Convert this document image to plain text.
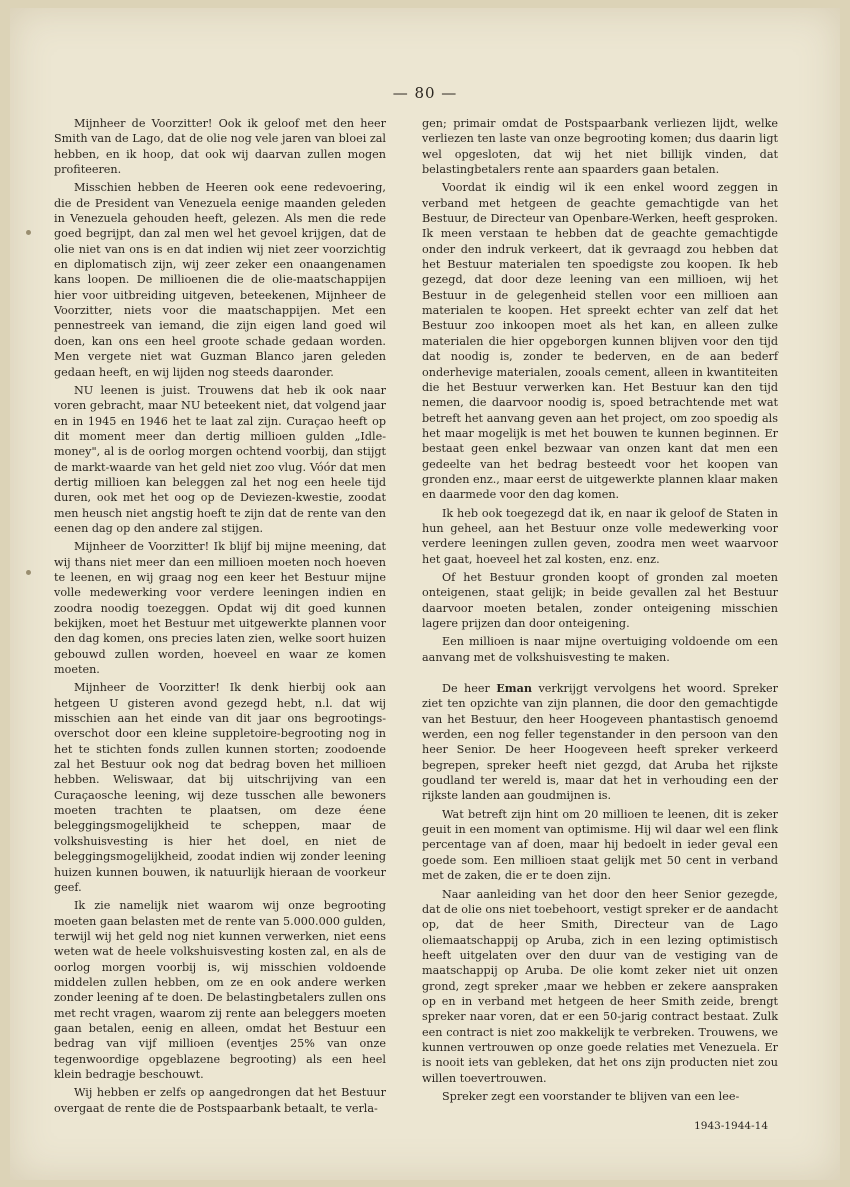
— 80 —

Mijnheer de Voorzitter! Ook ik geloof met den heer Smith van de Lago, dat de olie nog vele jaren van bloei zal hebben, en ik hoop, dat ook wij daarvan zullen mogen profiteeren.

Misschien hebben de Heeren ook eene redevoering, die de President van Venezuela eenige maanden geleden in Venezuela gehouden heeft, gelezen. Als men die rede goed begrijpt, dan zal men wel het gevoel krijgen, dat de olie niet van ons is en dat indien wij niet zeer voorzichtig en diplomatisch zijn, wij zeer zeker een onaangenamen kans loopen. De millioenen die de olie-maatschappijen hier voor uitbreiding uitgeven, beteekenen, Mijnheer de Voorzitter, niets voor die maatschappijen. Met een pennestreek van iemand, die zijn eigen land goed wil doen, kan ons een heel groote schade gedaan worden. Men vergete niet wat Guzman Blanco jaren geleden gedaan heeft, en wij lijden nog steeds daaronder.

NU leenen is juist. Trouwens dat heb ik ook naar voren gebracht, maar NU beteekent niet, dat volgend jaar en in 1945 en 1946 het te laat zal zijn. Curaçao heeft op dit moment meer dan dertig millioen gulden „Idle-money", al is de oorlog morgen ochtend voorbij, dan stijgt de markt-waarde van het geld niet zoo vlug. Vóór dat men dertig millioen kan beleggen zal het nog een heele tijd duren, ook met het oog op de Deviezen-kwestie, zoodat men heusch niet angstig hoeft te zijn dat de rente van den eenen dag op den andere zal stijgen.

Mijnheer de Voorzitter! Ik blijf bij mijne meening, dat wij thans niet meer dan een millioen moeten noch hoeven te leenen, en wij graag nog een keer het Bestuur mijne volle medewerking voor verdere leeningen indien en zoodra noodig toezeggen. Opdat wij dit goed kunnen bekijken, moet het Bestuur met uitgewerkte plannen voor den dag komen, ons precies laten zien, welke soort huizen gebouwd zullen worden, hoeveel en waar ze komen moeten.

Mijnheer de Voorzitter! Ik denk hierbij ook aan hetgeen U gisteren avond gezegd hebt, n.l. dat wij misschien aan het einde van dit jaar ons begrootings-overschot door een kleine suppletoire-begrooting nog in het te stichten fonds zullen kunnen storten; zoodoende zal het Bestuur ook nog dat bedrag boven het millioen hebben. Weliswaar, dat bij uitschrijving van een Curaçaosche leening, wij deze tusschen alle bewoners moeten trachten te plaatsen, om deze éene beleggingsmogelijkheid te scheppen, maar de volkshuisvesting is hier het doel, en niet de beleggingsmogelijkheid, zoodat indien wij zonder leening huizen kunnen bouwen, ik natuurlijk hieraan de voorkeur geef.

Ik zie namelijk niet waarom wij onze begrooting moeten gaan belasten met de rente van 5.000.000 gulden, terwijl wij het geld nog niet kunnen verwerken, niet eens weten wat de heele volkshuisvesting kosten zal, en als de oorlog morgen voorbij is, wij misschien voldoende middelen zullen hebben, om ze en ook andere werken zonder leening af te doen. De belastingbetalers zullen ons met recht vragen, waarom zij rente aan beleggers moeten gaan betalen, eenig en alleen, omdat het Bestuur een bedrag van vijf millioen (eventjes 25% van onze tegenwoordige opgeblazene begrooting) als een heel klein bedragje beschouwt.

Wij hebben er zelfs op aangedrongen dat het Bestuur overgaat de rente die de Postspaarbank betaalt, te verla-

gen; primair omdat de Postspaarbank verliezen lijdt, welke verliezen ten laste van onze begrooting komen; dus daarin ligt wel opgesloten, dat wij het niet billijk vinden, dat belastingbetalers rente aan spaarders gaan betalen.

Voordat ik eindig wil ik een enkel woord zeggen in verband met hetgeen de geachte gemachtigde van het Bestuur, de Directeur van Openbare-Werken, heeft gesproken. Ik meen verstaan te hebben dat de geachte gemachtigde onder den indruk verkeert, dat ik gevraagd zou hebben dat het Bestuur materialen ten spoedigste zou koopen. Ik heb gezegd, dat door deze leening van een millioen, wij het Bestuur in de gelegenheid stellen voor een millioen aan materialen te koopen. Het spreekt echter van zelf dat het Bestuur zoo inkoopen moet als het kan, en alleen zulke materialen die hier opgeborgen kunnen blijven voor den tijd dat noodig is, zonder te bederven, en de aan bederf onderhevige materialen, zooals cement, alleen in kwantiteiten die het Bestuur verwerken kan. Het Bestuur kan den tijd nemen, die daarvoor noodig is, spoed betrachtende met wat betreft het aanvang geven aan het project, om zoo spoedig als het maar mogelijk is met het bouwen te kunnen beginnen. Er bestaat geen enkel bezwaar van onzen kant dat men een gedeelte van het bedrag besteedt voor het koopen van gronden enz., maar eerst de uitgewerkte plannen klaar maken en daarmede voor den dag komen.

Ik heb ook toegezegd dat ik, en naar ik geloof de Staten in hun geheel, aan het Bestuur onze volle medewerking voor verdere leeningen zullen geven, zoodra men weet waarvoor het gaat, hoeveel het zal kosten, enz. enz.

Of het Bestuur gronden koopt of gronden zal moeten onteigenen, staat gelijk; in beide gevallen zal het Bestuur daarvoor moeten betalen, zonder onteigening misschien lagere prijzen dan door onteigening.

Een millioen is naar mijne overtuiging voldoende om een aanvang met de volkshuisvesting te maken.

De heer Eman verkrijgt vervolgens het woord. Spreker ziet ten opzichte van zijn plannen, die door den gemachtigde van het Bestuur, den heer Hoogeveen phantastisch genoemd werden, een nog feller tegenstander in den persoon van den heer Senior. De heer Hoogeveen heeft spreker verkeerd begrepen, spreker heeft niet gezgd, dat Aruba het rijkste goudland ter wereld is, maar dat het in verhouding een der rijkste landen aan goudmijnen is.

Wat betreft zijn hint om 20 millioen te leenen, dit is zeker geuit in een moment van optimisme. Hij wil daar wel een flink percentage van af doen, maar hij bedoelt in ieder geval een goede som. Een millioen staat gelijk met 50 cent in verband met de zaken, die er te doen zijn.

Naar aanleiding van het door den heer Senior gezegde, dat de olie ons niet toebehoort, vestigt spreker er de aandacht op, dat de heer Smith, Directeur van de Lago oliemaatschappij op Aruba, zich in een lezing optimistisch heeft uitgelaten over den duur van de vestiging van de maatschappij op Aruba. De olie komt zeker niet uit onzen grond, zegt spreker ,maar we hebben er zekere aanspraken op en in verband met hetgeen de heer Smith zeide, brengt spreker naar voren, dat er een 50-jarig contract bestaat. Zulk een contract is niet zoo makkelijk te verbreken. Trouwens, we kunnen vertrouwen op onze goede relaties met Venezuela. Er is nooit iets van gebleken, dat het ons zijn producten niet zou willen toevertrouwen.

Spreker zegt een voorstander te blijven van een lee-

1943-1944-14
